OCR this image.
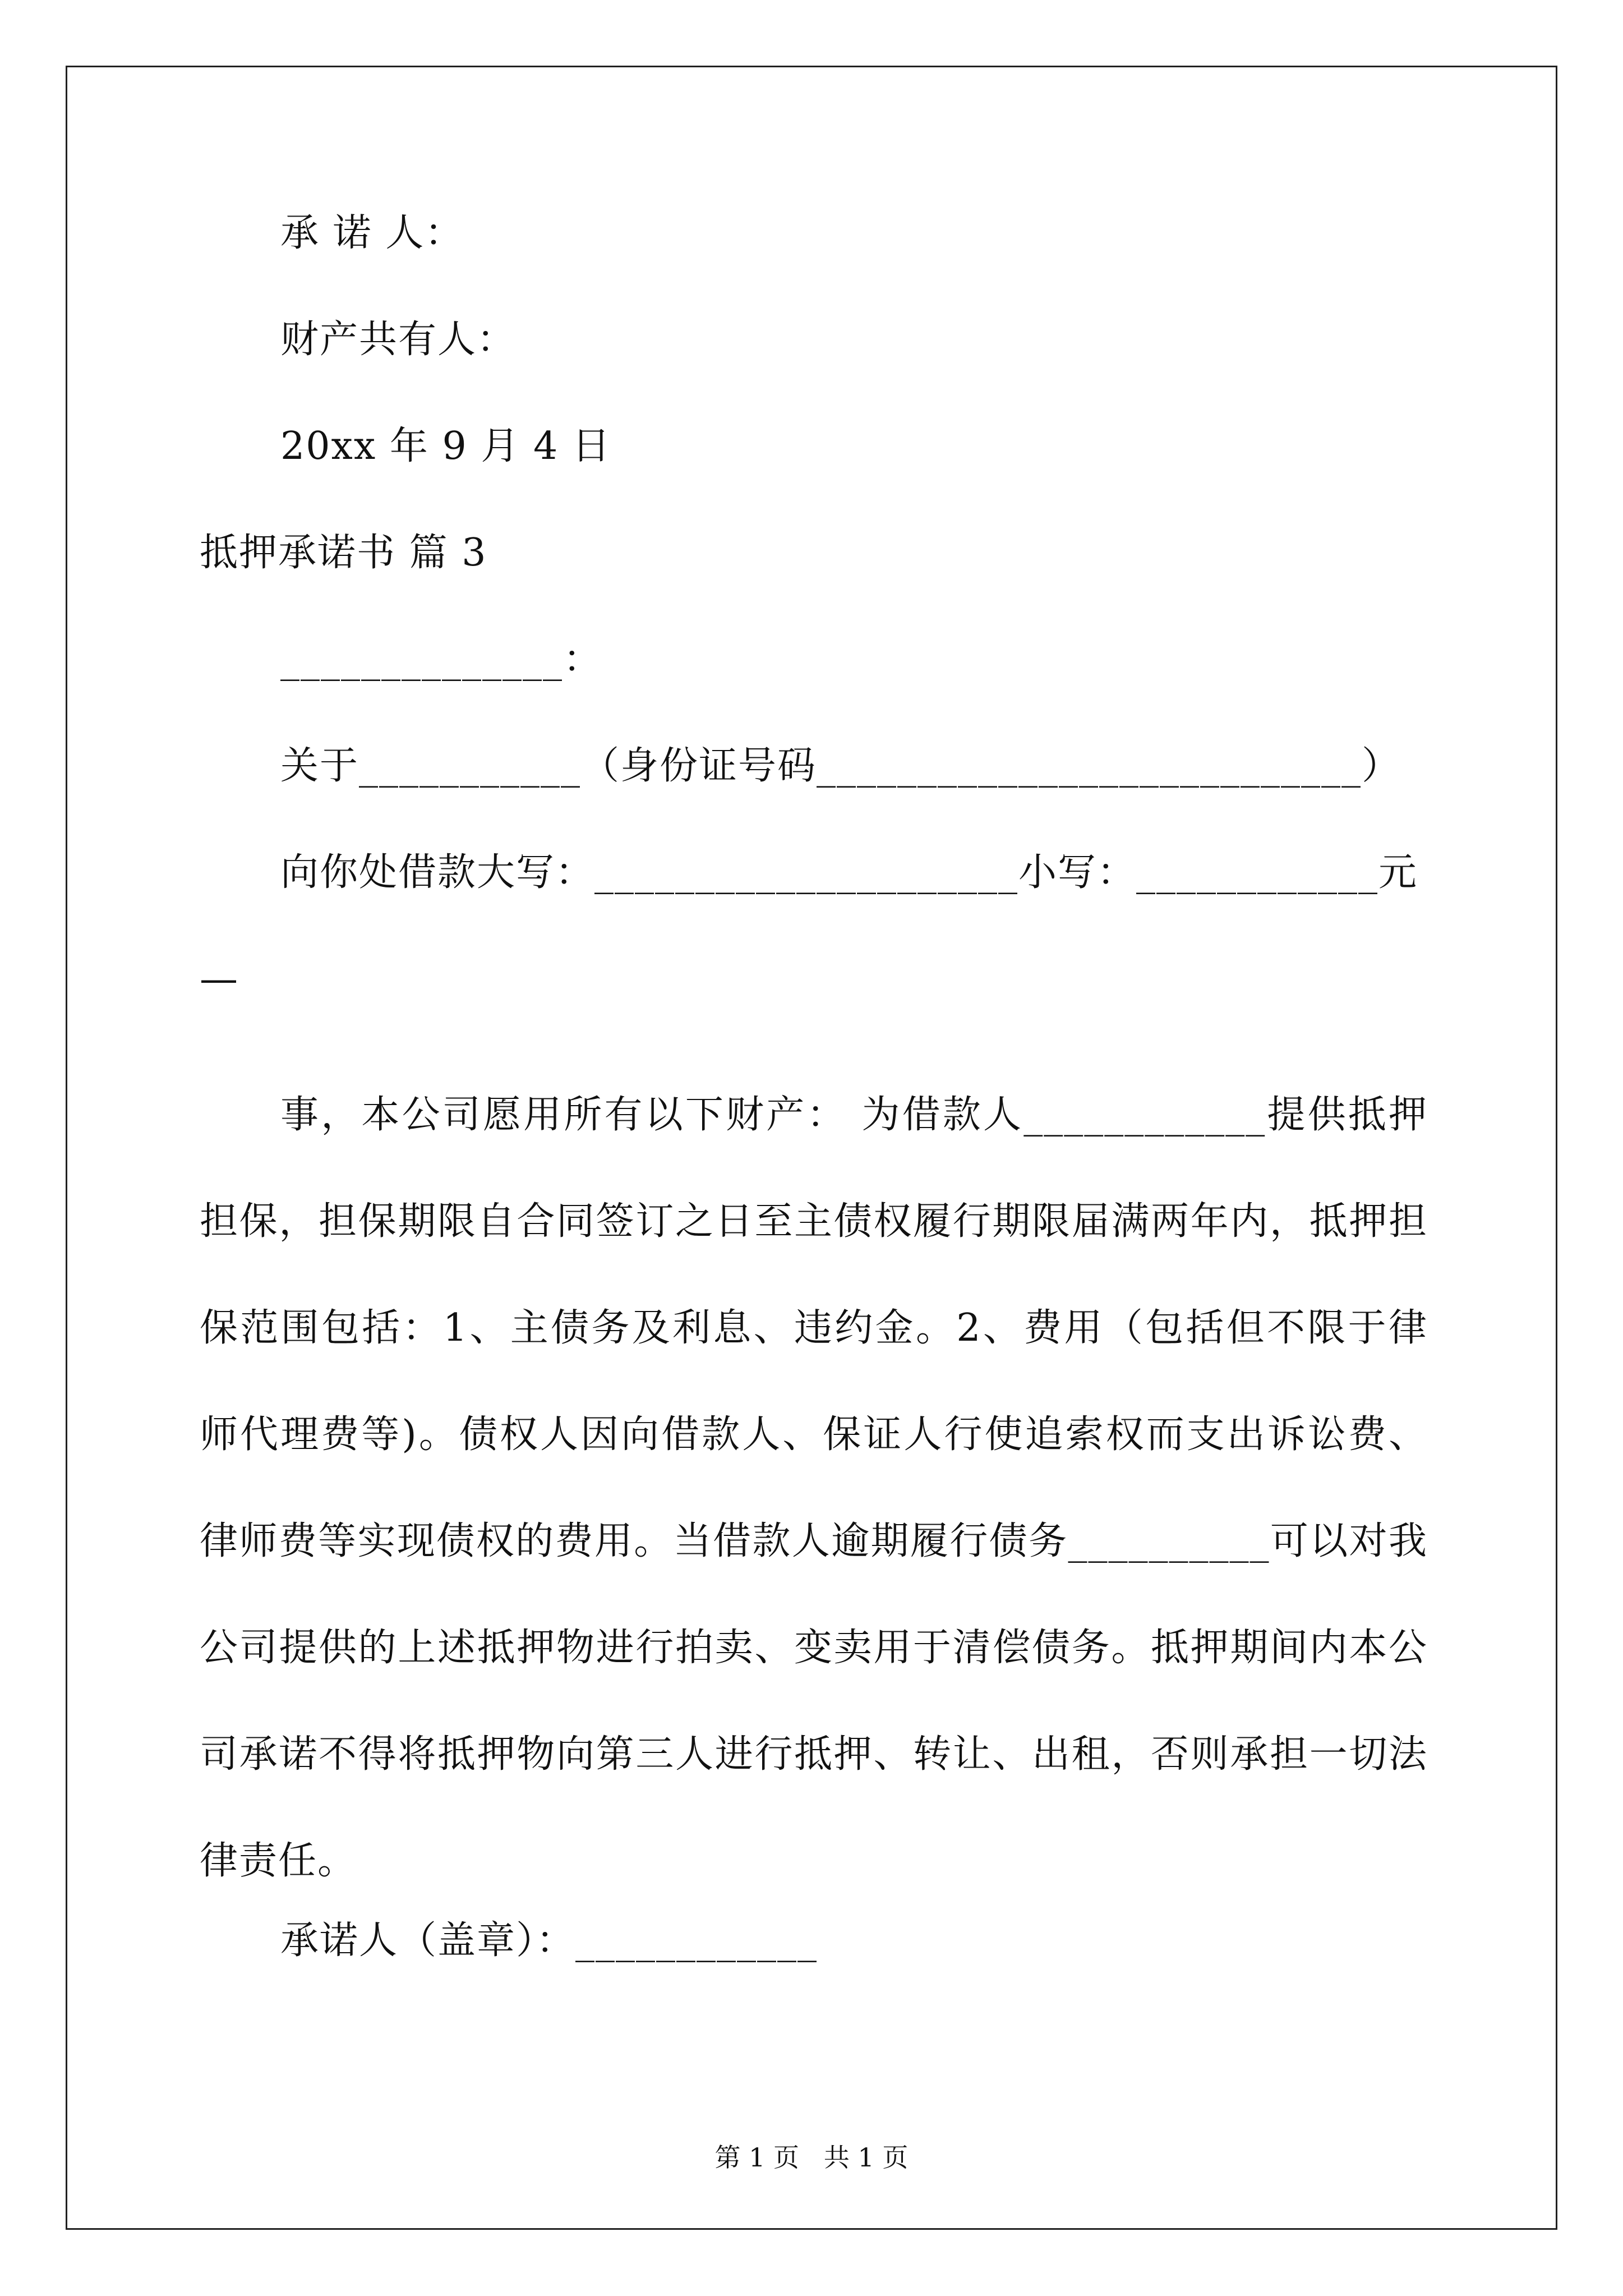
承 诺 人：
财产共有人：
20xx 年 9 月 4 日
抵押承诺书 篇 3
______________：
关于___________（身份证号码___________________________）
向你处借款大写：_____________________小写：____________元
—
事，本公司愿用所有以下财产： 为借款人____________提供抵押担保，担保期限自合同签订之日至主债权履行期限届满两年内，抵押担保范围包括：1、主债务及利息、违约金。2、费用（包括但不限于律师代理费等)。债权人因向借款人、保证人行使追索权而支出诉讼费、律师费等实现债权的费用。当借款人逾期履行债务__________可以对我公司提供的上述抵押物进行拍卖、变卖用于清偿债务。抵押期间内本公司承诺不得将抵押物向第三人进行抵押、转让、出租，否则承担一切法律责任。
承诺人（盖章）：____________
第 1 页   共 1 页
